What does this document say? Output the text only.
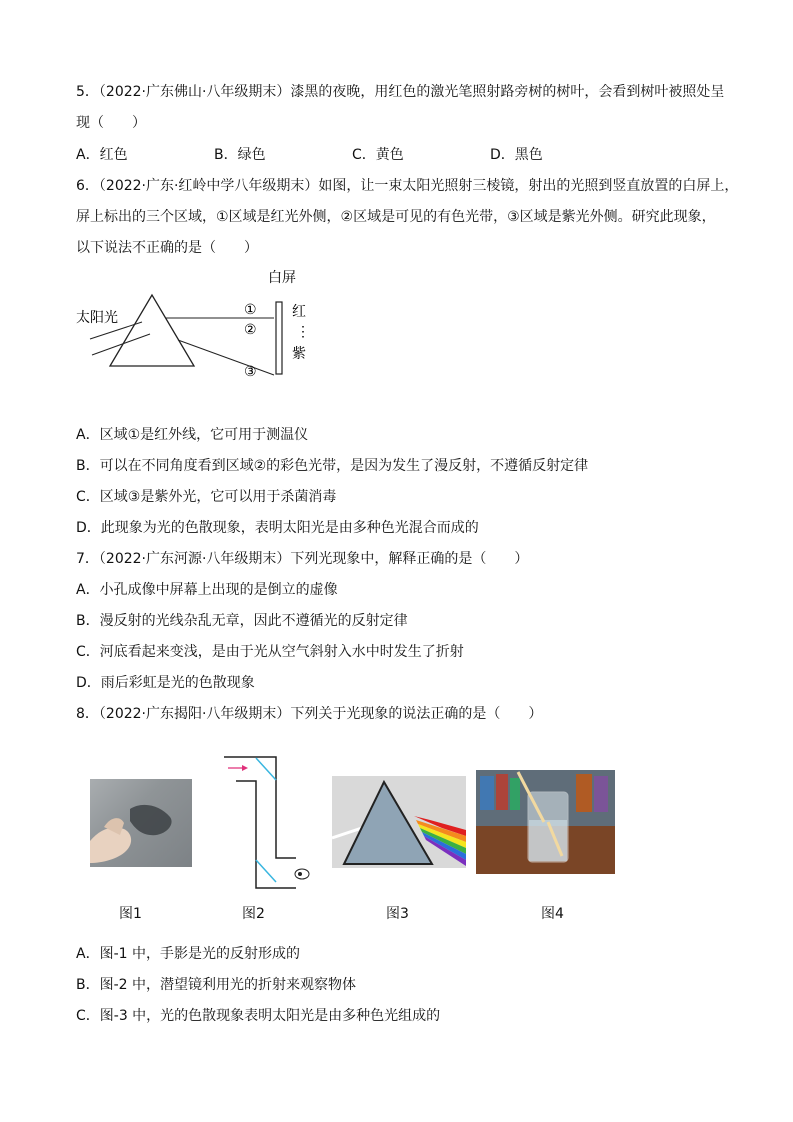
5．（2022·广东佛山·八年级期末）漆黑的夜晚，用红色的激光笔照射路旁树的树叶，会看到树叶被照处呈
现（　　）
A．红色	B．绿色	C．黄色	D．黑色
6．（2022·广东·红岭中学八年级期末）如图，让一束太阳光照射三棱镜，射出的光照到竖直放置的白屏上，
屏上标出的三个区域，①区域是红光外侧，②区域是可见的有色光带，③区域是紫光外侧。研究此现象，
以下说法不正确的是（　　）
白屏
太阳光	①
②
③
红
⋮
紫
A．区域①是红外线，它可用于测温仪
B．可以在不同角度看到区域②的彩色光带，是因为发生了漫反射，不遵循反射定律
C．区域③是紫外光，它可以用于杀菌消毒
D．此现象为光的色散现象，表明太阳光是由多种色光混合而成的
7．（2022·广东河源·八年级期末）下列光现象中，解释正确的是（　　）
A．小孔成像中屏幕上出现的是倒立的虚像
B．漫反射的光线杂乱无章，因此不遵循光的反射定律
C．河底看起来变浅，是由于光从空气斜射入水中时发生了折射
D．雨后彩虹是光的色散现象
8．（2022·广东揭阳·八年级期末）下列关于光现象的说法正确的是（　　）
图1	图2	图3	图4
A．图-1 中，手影是光的反射形成的
B．图-2 中，潜望镜利用光的折射来观察物体
C．图-3 中，光的色散现象表明太阳光是由多种色光组成的
